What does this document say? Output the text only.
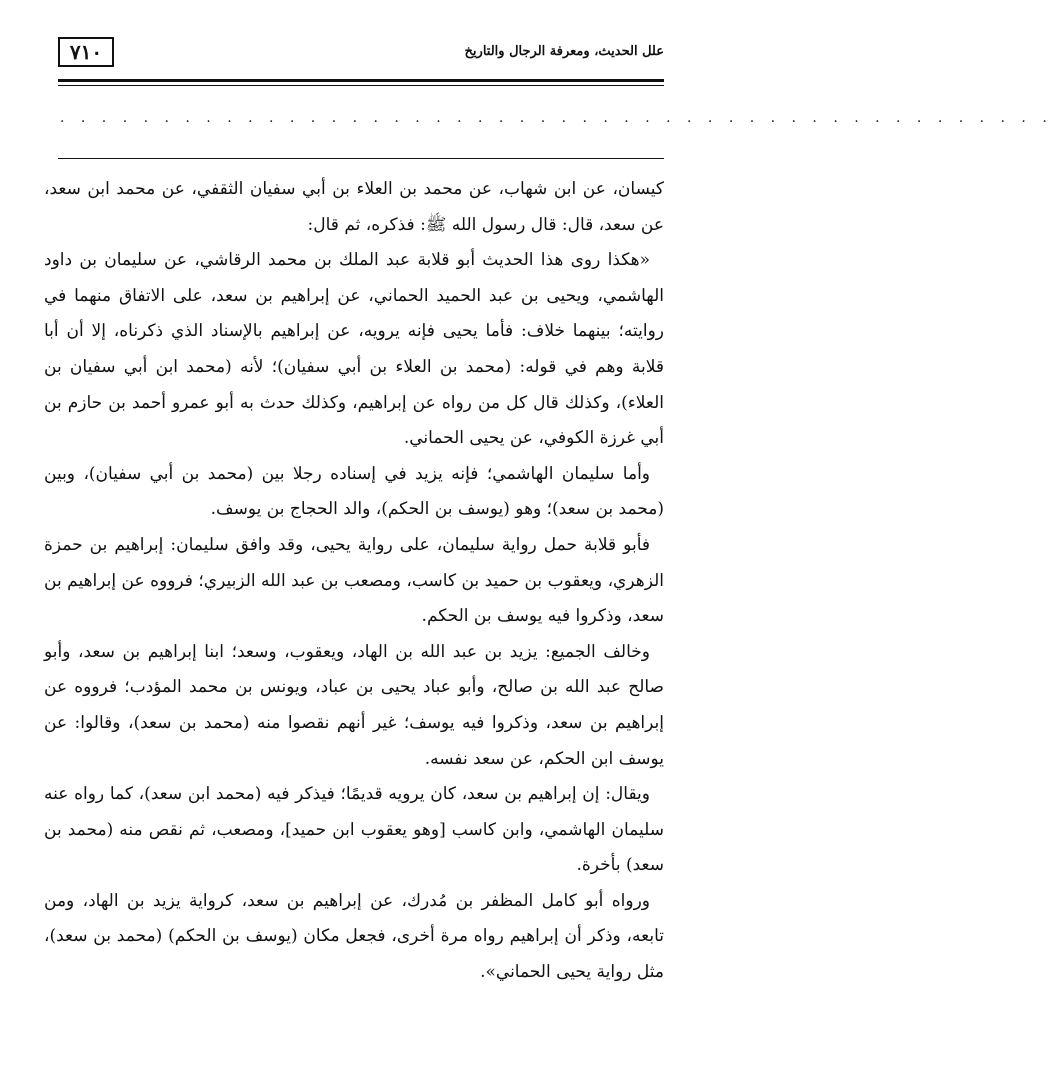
٧١٠	علل الحديث، ومعرفة الرجال والتاريخ
. . . . . . . . . . . . . . . . . . . . . . . . . . . . . . . . . . . . . . . . . . . . . . . .

كيسان، عن ابن شهاب، عن محمد بن العلاء بن أبي سفيان الثقفي، عن محمد ابن سعد، عن سعد، قال: قال رسول الله ﷺ: فذكره، ثم قال:

«هكذا روى هذا الحديث أبو قلابة عبد الملك بن محمد الرقاشي، عن سليمان بن داود الهاشمي، ويحيى بن عبد الحميد الحماني، عن إبراهيم بن سعد، على الاتفاق منهما في روايته؛ بينهما خلاف: فأما يحيى فإنه يرويه، عن إبراهيم بالإسناد الذي ذكرناه، إلا أن أبا قلابة وهم في قوله: (محمد بن العلاء بن أبي سفيان)؛ لأنه (محمد ابن أبي سفيان بن العلاء)، وكذلك قال كل من رواه عن إبراهيم، وكذلك حدث به أبو عمرو أحمد بن حازم بن أبي غرزة الكوفي، عن يحيى الحماني.

وأما سليمان الهاشمي؛ فإنه يزيد في إسناده رجلا بين (محمد بن أبي سفيان)، وبين (محمد بن سعد)؛ وهو (يوسف بن الحكم)، والد الحجاج بن يوسف.

فأبو قلابة حمل رواية سليمان، على رواية يحيى، وقد وافق سليمان: إبراهيم بن حمزة الزهري، ويعقوب بن حميد بن كاسب، ومصعب بن عبد الله الزبيري؛ فرووه عن إبراهيم بن سعد، وذكروا فيه يوسف بن الحكم.

وخالف الجميع: يزيد بن عبد الله بن الهاد، ويعقوب، وسعد؛ ابنا إبراهيم بن سعد، وأبو صالح عبد الله بن صالح، وأبو عباد يحيى بن عباد، ويونس بن محمد المؤدب؛ فرووه عن إبراهيم بن سعد، وذكروا فيه يوسف؛ غير أنهم نقصوا منه (محمد بن سعد)، وقالوا: عن يوسف ابن الحكم، عن سعد نفسه.

ويقال: إن إبراهيم بن سعد، كان يرويه قديمًا؛ فيذكر فيه (محمد ابن سعد)، كما رواه عنه سليمان الهاشمي، وابن كاسب [وهو يعقوب ابن حميد]، ومصعب، ثم نقص منه (محمد بن سعد) بأخرة.

ورواه أبو كامل المظفر بن مُدرك، عن إبراهيم بن سعد، كرواية يزيد بن الهاد، ومن تابعه، وذكر أن إبراهيم رواه مرة أخرى، فجعل مكان (يوسف بن الحكم) (محمد بن سعد)، مثل رواية يحيى الحماني».
